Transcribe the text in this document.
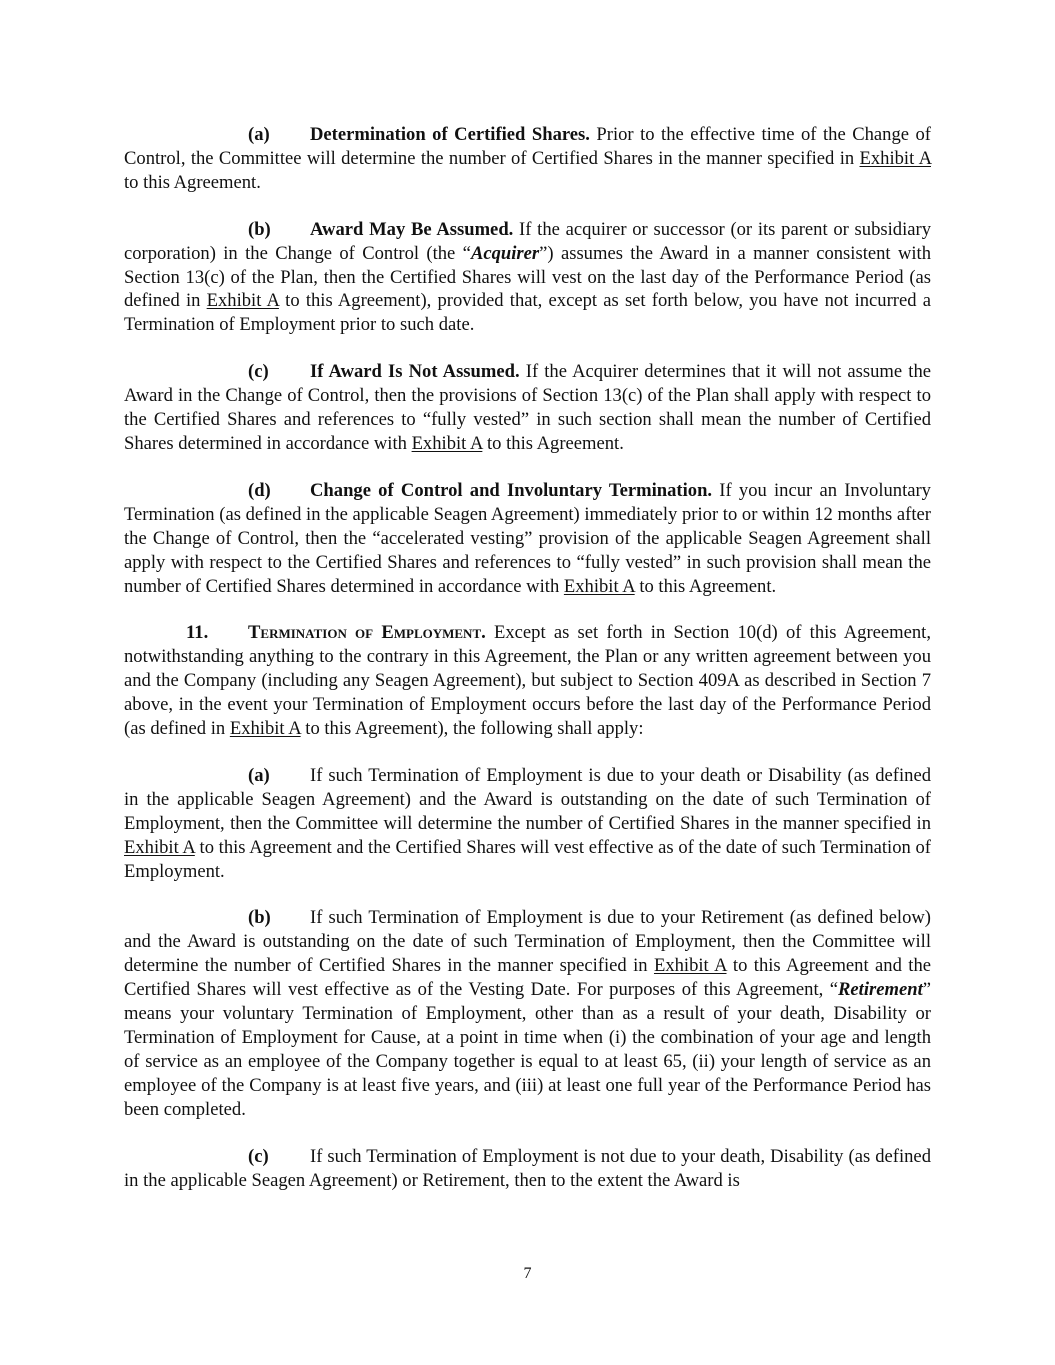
(a) Determination of Certified Shares. Prior to the effective time of the Change of Control, the Committee will determine the number of Certified Shares in the manner specified in Exhibit A to this Agreement.

(b) Award May Be Assumed. If the acquirer or successor (or its parent or subsidiary corporation) in the Change of Control (the “Acquirer”) assumes the Award in a manner consistent with Section 13(c) of the Plan, then the Certified Shares will vest on the last day of the Performance Period (as defined in Exhibit A to this Agreement), provided that, except as set forth below, you have not incurred a Termination of Employment prior to such date.

(c) If Award Is Not Assumed. If the Acquirer determines that it will not assume the Award in the Change of Control, then the provisions of Section 13(c) of the Plan shall apply with respect to the Certified Shares and references to “fully vested” in such section shall mean the number of Certified Shares determined in accordance with Exhibit A to this Agreement.

(d) Change of Control and Involuntary Termination. If you incur an Involuntary Termination (as defined in the applicable Seagen Agreement) immediately prior to or within 12 months after the Change of Control, then the “accelerated vesting” provision of the applicable Seagen Agreement shall apply with respect to the Certified Shares and references to “fully vested” in such provision shall mean the number of Certified Shares determined in accordance with Exhibit A to this Agreement.

11. Termination of Employment. Except as set forth in Section 10(d) of this Agreement, notwithstanding anything to the contrary in this Agreement, the Plan or any written agreement between you and the Company (including any Seagen Agreement), but subject to Section 409A as described in Section 7 above, in the event your Termination of Employment occurs before the last day of the Performance Period (as defined in Exhibit A to this Agreement), the following shall apply:

(a) If such Termination of Employment is due to your death or Disability (as defined in the applicable Seagen Agreement) and the Award is outstanding on the date of such Termination of Employment, then the Committee will determine the number of Certified Shares in the manner specified in Exhibit A to this Agreement and the Certified Shares will vest effective as of the date of such Termination of Employment.

(b) If such Termination of Employment is due to your Retirement (as defined below) and the Award is outstanding on the date of such Termination of Employment, then the Committee will determine the number of Certified Shares in the manner specified in Exhibit A to this Agreement and the Certified Shares will vest effective as of the Vesting Date. For purposes of this Agreement, “Retirement” means your voluntary Termination of Employment, other than as a result of your death, Disability or Termination of Employment for Cause, at a point in time when (i) the combination of your age and length of service as an employee of the Company together is equal to at least 65, (ii) your length of service as an employee of the Company is at least five years, and (iii) at least one full year of the Performance Period has been completed.

(c) If such Termination of Employment is not due to your death, Disability (as defined in the applicable Seagen Agreement) or Retirement, then to the extent the Award is

7
